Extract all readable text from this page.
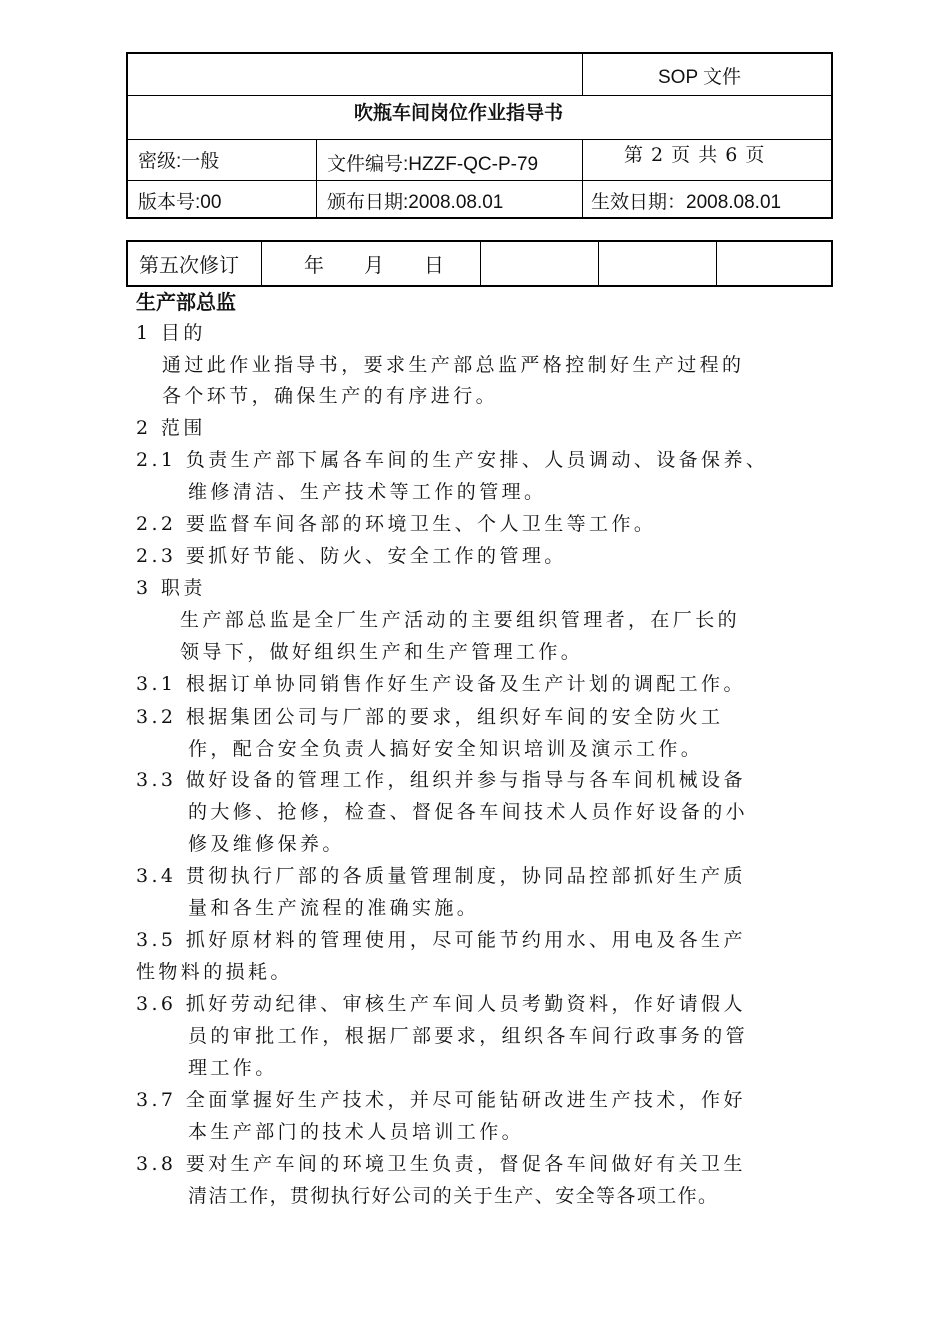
SOP 文件
吹瓶车间岗位作业指导书
密级:一般	文件编号:HZZF-QC-P-79	第 2 页 共 6 页
版本号:00	颁布日期:2008.08.01	生效日期：2008.08.01
第五次修订	年　　月　　日
生产部总监
1 目的
通过此作业指导书，要求生产部总监严格控制好生产过程的
各个环节，确保生产的有序进行。
2 范围
2.1 负责生产部下属各车间的生产安排、人员调动、设备保养、
维修清洁、生产技术等工作的管理。
2.2 要监督车间各部的环境卫生、个人卫生等工作。
2.3 要抓好节能、防火、安全工作的管理。
3 职责
生产部总监是全厂生产活动的主要组织管理者，在厂长的
领导下，做好组织生产和生产管理工作。
3.1 根据订单协同销售作好生产设备及生产计划的调配工作。
3.2 根据集团公司与厂部的要求，组织好车间的安全防火工
作，配合安全负责人搞好安全知识培训及演示工作。
3.3 做好设备的管理工作，组织并参与指导与各车间机械设备
的大修、抢修，检查、督促各车间技术人员作好设备的小
修及维修保养。
3.4 贯彻执行厂部的各质量管理制度，协同品控部抓好生产质
量和各生产流程的准确实施。
3.5 抓好原材料的管理使用，尽可能节约用水、用电及各生产
性物料的损耗。
3.6 抓好劳动纪律、审核生产车间人员考勤资料，作好请假人
员的审批工作，根据厂部要求，组织各车间行政事务的管
理工作。
3.7 全面掌握好生产技术，并尽可能钻研改进生产技术，作好
本生产部门的技术人员培训工作。
3.8 要对生产车间的环境卫生负责，督促各车间做好有关卫生
清洁工作，贯彻执行好公司的关于生产、安全等各项工作。
